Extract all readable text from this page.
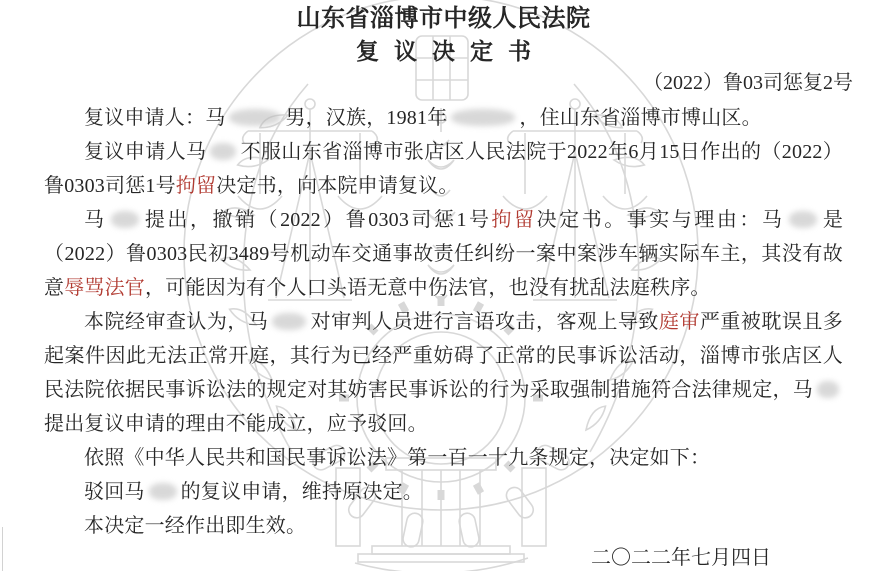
山东省淄博市中级人民法院
复议决定书
（2022）鲁03司惩复2号

复议申请人：马	男，汉族，1981年	，住山东省淄博市博山区。

复议申请人马 不服山东省淄博市张店区人民法院于2022年6月15日作出的（2022）鲁0303司惩1号拘留决定书，向本院申请复议。

马 提出，撤销（2022）鲁0303司惩1号拘留决定书。事实与理由：马 是（2022）鲁0303民初3489号机动车交通事故责任纠纷一案中案涉车辆实际车主，其没有故意辱骂法官，可能因为有个人口头语无意中伤法官，也没有扰乱法庭秩序。

本院经审查认为，马 对审判人员进行言语攻击，客观上导致庭审严重被耽误且多起案件因此无法正常开庭，其行为已经严重妨碍了正常的民事诉讼活动，淄博市张店区人民法院依据民事诉讼法的规定对其妨害民事诉讼的行为采取强制措施符合法律规定，马提出复议申请的理由不能成立，应予驳回。

依照《中华人民共和国民事诉讼法》第一百一十九条规定，决定如下：

驳回马 的复议申请，维持原决定。

本决定一经作出即生效。

二〇二二年七月四日
